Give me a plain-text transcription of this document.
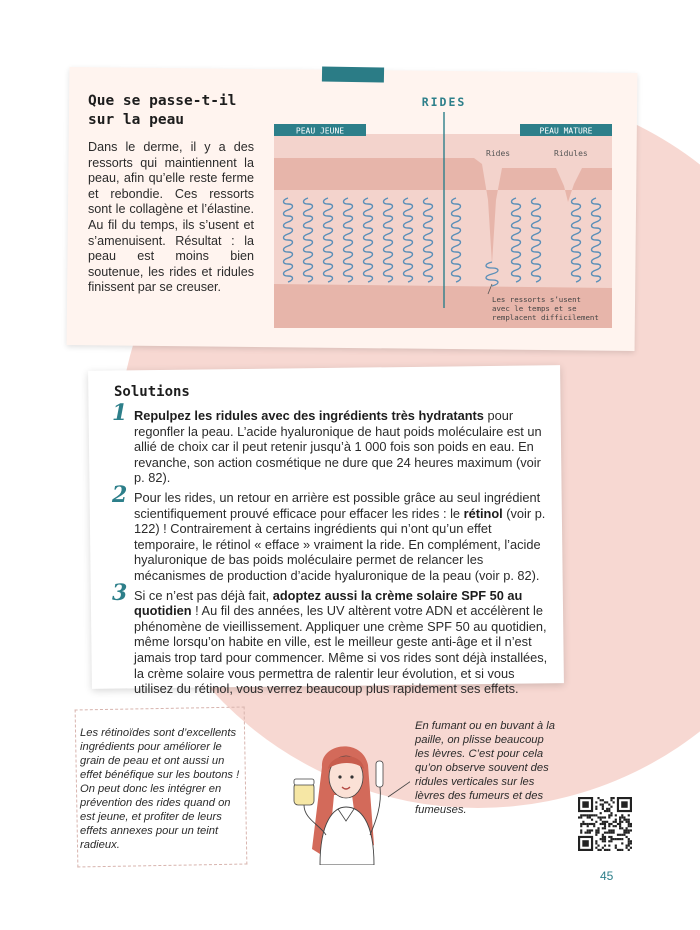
Que se passe-t-il
sur la peau
Dans le derme, il y a des ressorts qui maintiennent la peau, afin qu’elle reste ferme et rebondie. Ces ressorts sont le collagène et l’élastine. Au fil du temps, ils s’usent et s’amenuisent. Résultat : la peau est moins bien soutenue, les rides et ridules finissent par se creuser.
RIDES
PEAU JEUNE	PEAU MATURE
Rides	Ridules
Les ressorts s’usent
avec le temps et se
remplacent difficilement
Solutions
1 Repulpez les ridules avec des ingrédients très hydratants pour regonfler la peau. L’acide hyaluronique de haut poids moléculaire est un allié de choix car il peut retenir jusqu’à 1 000 fois son poids en eau. En revanche, son action cosmétique ne dure que 24 heures maximum (voir p. 82).
2 Pour les rides, un retour en arrière est possible grâce au seul ingrédient scientifiquement prouvé efficace pour effacer les rides : le rétinol (voir p. 122) ! Contrairement à certains ingrédients qui n’ont qu’un effet temporaire, le rétinol « efface » vraiment la ride. En complément, l’acide hyaluronique de bas poids moléculaire permet de relancer les mécanismes de production d’acide hyaluronique de la peau (voir p. 82).
3 Si ce n’est pas déjà fait, adoptez aussi la crème solaire SPF 50 au quotidien ! Au fil des années, les UV altèrent votre ADN et accélèrent le phénomène de vieillissement. Appliquer une crème SPF 50 au quotidien, même lorsqu’on habite en ville, est le meilleur geste anti-âge et il n’est jamais trop tard pour commencer. Même si vos rides sont déjà installées, la crème solaire vous permettra de ralentir leur évolution, et si vous utilisez du rétinol, vous verrez beaucoup plus rapidement ses effets.
Les rétinoïdes sont d’excellents ingrédients pour améliorer le grain de peau et ont aussi un effet bénéfique sur les boutons ! On peut donc les intégrer en prévention des rides quand on est jeune, et profiter de leurs effets annexes pour un teint radieux.
En fumant ou en buvant à la paille, on plisse beaucoup les lèvres. C’est pour cela qu’on observe souvent des ridules verticales sur les lèvres des fumeurs et des fumeuses.
45
